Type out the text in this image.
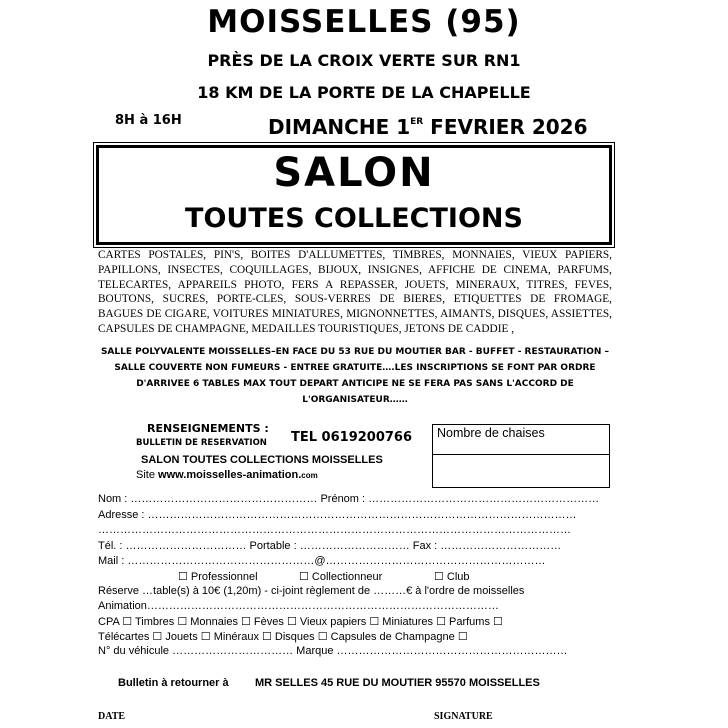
MOISSELLES (95)
PRÈS DE LA CROIX VERTE SUR RN1
18 KM DE LA PORTE DE LA CHAPELLE
8H à 16H	DIMANCHE 1ER FEVRIER 2026
SALON
TOUTES COLLECTIONS
CARTES POSTALES, PIN'S, BOITES D'ALLUMETTES, TIMBRES, MONNAIES, VIEUX PAPIERS, PAPILLONS, INSECTES, COQUILLAGES, BIJOUX, INSIGNES, AFFICHE DE CINEMA, PARFUMS, TELECARTES, APPAREILS PHOTO, FERS A REPASSER, JOUETS, MINERAUX, TITRES, FEVES, BOUTONS, SUCRES, PORTE-CLES, SOUS-VERRES DE BIERES, ETIQUETTES DE FROMAGE, BAGUES DE CIGARE, VOITURES MINIATURES, MIGNONNETTES, AIMANTS, DISQUES, ASSIETTES, CAPSULES DE CHAMPAGNE, MEDAILLES TOURISTIQUES, JETONS DE CADDIE ,
SALLE POLYVALENTE MOISSELLES–EN FACE DU 53 RUE DU MOUTIER BAR - BUFFET - RESTAURATION – SALLE COUVERTE NON FUMEURS - ENTREE GRATUITE….LES INSCRIPTIONS SE FONT PAR ORDRE D'ARRIVEE 6 TABLES MAX TOUT DEPART ANTICIPE NE SE FERA PAS SANS L'ACCORD DE L'ORGANISATEUR……
RENSEIGNEMENTS :
BULLETIN DE RESERVATION TEL 0619200766
SALON TOUTES COLLECTIONS MOISSELLES
Site www.moisselles-animation.com
Nombre de chaises
Nom : …………………………………………… Prénom : ………………………………………………………
Adresse : ………………………………………………………………………………………………………
…………………………………………………………………………………………………………………
Tél. : …………………………… Portable : ………………………… Fax : ……………………………
Mail : ……………………………………………@……………………………………………………
☐ Professionnel	☐ Collectionneur	☐ Club
Réserve …table(s) à 10€ (1,20m) - ci-joint règlement de ………€ à l'ordre de moisselles
Animation……………………………………………………………………………………
CPA ☐ Timbres ☐ Monnaies ☐ Fèves ☐ Vieux papiers ☐ Miniatures ☐ Parfums ☐
Télécartes ☐ Jouets ☐ Minéraux ☐ Disques ☐ Capsules de Champagne ☐
N° du véhicule …………………………… Marque ………………………………………………………
Bulletin à retourner à MR SELLES 45 RUE DU MOUTIER 95570 MOISSELLES
DATE	SIGNATURE
